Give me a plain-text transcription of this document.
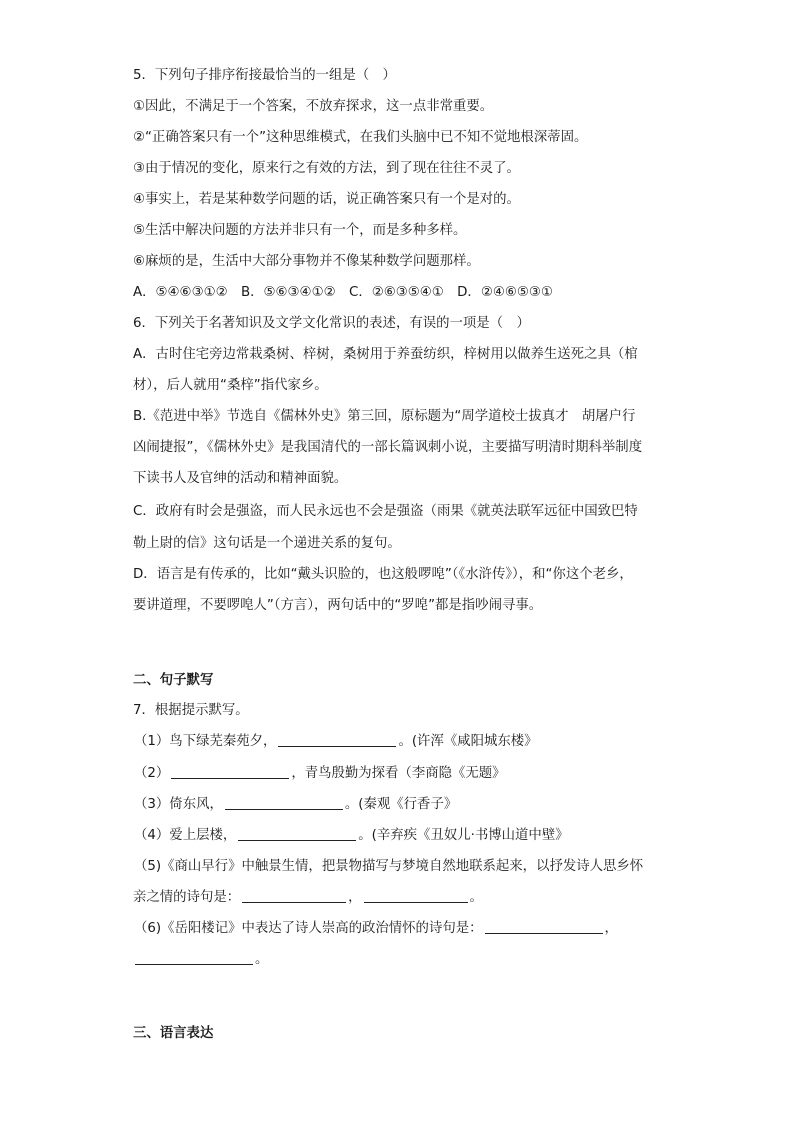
5．下列句子排序衔接最恰当的一组是（　）
①因此，不满足于一个答案，不放弃探求，这一点非常重要。
②“正确答案只有一个”这种思维模式，在我们头脑中已不知不觉地根深蒂固。
③由于情况的变化，原来行之有效的方法，到了现在往往不灵了。
④事实上，若是某种数学问题的话，说正确答案只有一个是对的。
⑤生活中解决问题的方法并非只有一个，而是多种多样。
⑥麻烦的是，生活中大部分事物并不像某种数学问题那样。
A．⑤④⑥③①②　B．⑤⑥③④①②　C．②⑥③⑤④①　D．②④⑥⑤③①
6．下列关于名著知识及文学文化常识的表述，有误的一项是（　）
A．古时住宅旁边常栽桑树、梓树，桑树用于养蚕纺织，梓树用以做养生送死之具（棺
材），后人就用“桑梓”指代家乡。
B.《范进中举》节选自《儒林外史》第三回，原标题为“周学道校士拔真才　胡屠户行
凶闹捷报”，《儒林外史》是我国清代的一部长篇讽刺小说，主要描写明清时期科举制度
下读书人及官绅的活动和精神面貌。
C．政府有时会是强盗，而人民永远也不会是强盗（雨果《就英法联军远征中国致巴特
勒上尉的信》这句话是一个递进关系的复句。
D．语言是有传承的，比如“戴头识脸的，也这般啰唣”（《水浒传》），和“你这个老乡，
要讲道理，不要啰唣人”（方言），两句话中的“罗唣”都是指吵闹寻事。
二、句子默写
7．根据提示默写。
（1）鸟下绿芜秦苑夕，	。(许浑《咸阳城东楼》
（2）	，青鸟殷勤为探看（李商隐《无题》
（3）倚东风，	。(秦观《行香子》
（4）爱上层楼，	。(辛弃疾《丑奴儿·书博山道中壁》
（5)《商山早行》中触景生情，把景物描写与梦境自然地联系起来，以抒发诗人思乡怀
亲之情的诗句是：	，	。
（6)《岳阳楼记》中表达了诗人崇高的政治情怀的诗句是：	，
。
三、语言表达
